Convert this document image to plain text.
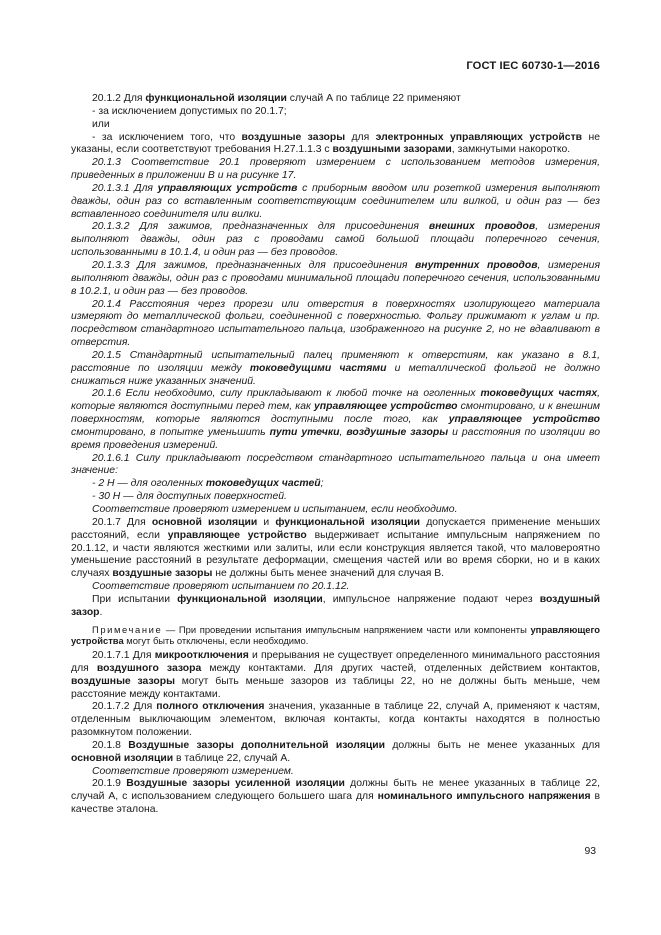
ГОСТ IEC 60730-1—2016

20.1.2 Для функциональной изоляции случай А по таблице 22 применяют

- за исключением допустимых по 20.1.7;

или

- за исключением того, что воздушные зазоры для электронных управляющих устройств не указаны, если соответствуют требования Н.27.1.1.3 с воздушными зазорами, замкнутыми накоротко.

20.1.3 Соответствие 20.1 проверяют измерением с использованием методов измерения, приведенных в приложении В и на рисунке 17.

20.1.3.1 Для управляющих устройств с приборным вводом или розеткой измерения выполняют дважды, один раз со вставленным соответствующим соединителем или вилкой, и один раз — без вставленного соединителя или вилки.

20.1.3.2 Для зажимов, предназначенных для присоединения внешних проводов, измерения выполняют дважды, один раз с проводами самой большой площади поперечного сечения, использованными в 10.1.4, и один раз — без проводов.

20.1.3.3 Для зажимов, предназначенных для присоединения внутренних проводов, измерения выполняют дважды, один раз с проводами минимальной площади поперечного сечения, использованными в 10.2.1, и один раз — без проводов.

20.1.4 Расстояния через прорези или отверстия в поверхностях изолирующего материала измеряют до металлической фольги, соединенной с поверхностью. Фольгу прижимают к углам и пр. посредством стандартного испытательного пальца, изображенного на рисунке 2, но не вдавливают в отверстия.

20.1.5 Стандартный испытательный палец применяют к отверстиям, как указано в 8.1, расстояние по изоляции между токоведущими частями и металлической фольгой не должно снижаться ниже указанных значений.

20.1.6 Если необходимо, силу прикладывают к любой точке на оголенных токоведущих частях, которые являются доступными перед тем, как управляющее устройство смонтировано, и к внешним поверхностям, которые являются доступными после того, как управляющее устройство смонтировано, в попытке уменьшить пути утечки, воздушные зазоры и расстояния по изоляции во время проведения измерений.

20.1.6.1 Силу прикладывают посредством стандартного испытательного пальца и она имеет значение:

- 2 Н — для оголенных токоведущих частей;

- 30 Н — для доступных поверхностей.

Соответствие проверяют измерением и испытанием, если необходимо.

20.1.7 Для основной изоляции и функциональной изоляции допускается применение меньших расстояний, если управляющее устройство выдерживает испытание импульсным напряжением по 20.1.12, и части являются жесткими или залиты, или если конструкция является такой, что маловероятно уменьшение расстояний в результате деформации, смещения частей или во время сборки, но и в каких случаях воздушные зазоры не должны быть менее значений для случая В.

Соответствие проверяют испытанием по 20.1.12.

При испытании функциональной изоляции, импульсное напряжение подают через воздушный зазор.

Примечание — При проведении испытания импульсным напряжением части или компоненты управляющего устройства могут быть отключены, если необходимо.

20.1.7.1 Для микроотключения и прерывания не существует определенного минимального расстояния для воздушного зазора между контактами. Для других частей, отделенных действием контактов, воздушные зазоры могут быть меньше зазоров из таблицы 22, но не должны быть меньше, чем расстояние между контактами.

20.1.7.2 Для полного отключения значения, указанные в таблице 22, случай А, применяют к частям, отделенным выключающим элементом, включая контакты, когда контакты находятся в полностью разомкнутом положении.

20.1.8 Воздушные зазоры дополнительной изоляции должны быть не менее указанных для основной изоляции в таблице 22, случай А.

Соответствие проверяют измерением.

20.1.9 Воздушные зазоры усиленной изоляции должны быть не менее указанных в таблице 22, случай А, с использованием следующего большего шага для номинального импульсного напряжения в качестве эталона.

93
